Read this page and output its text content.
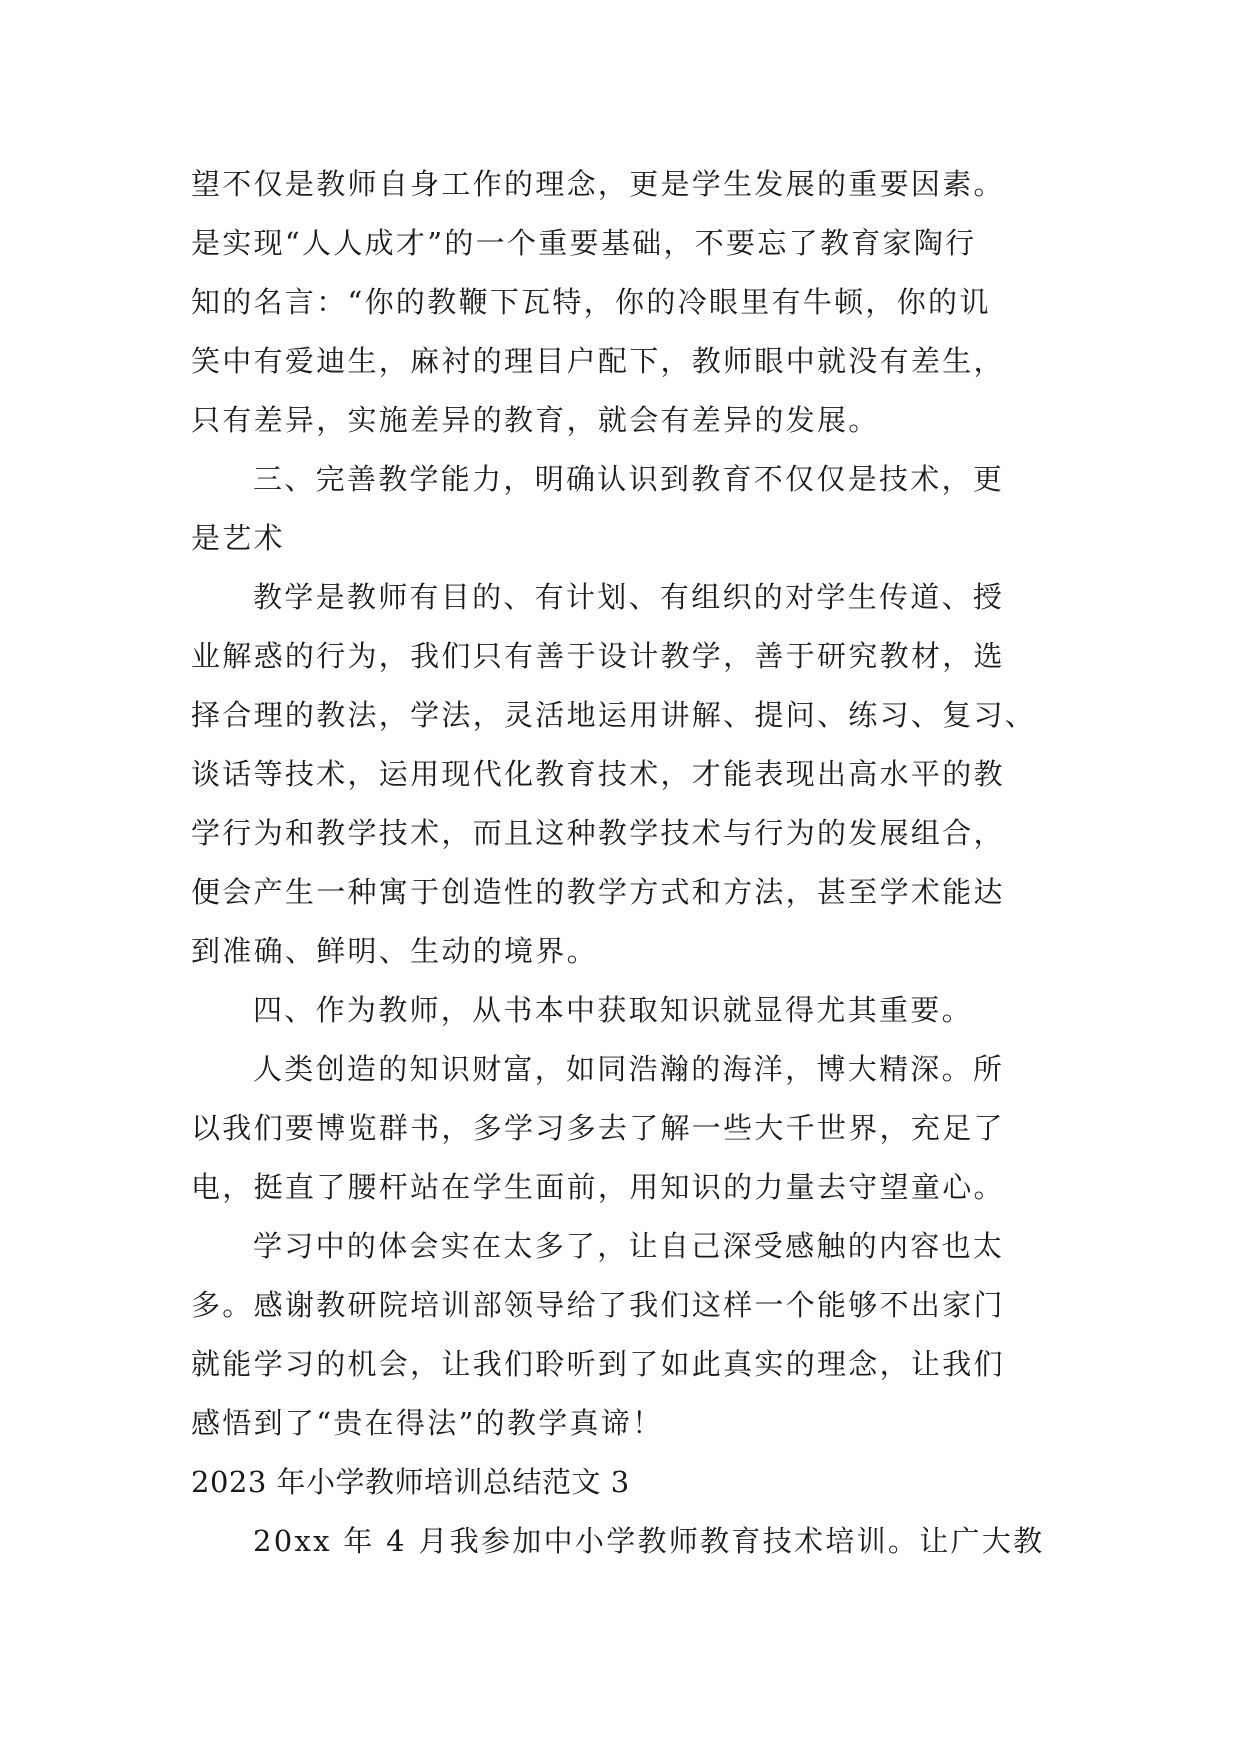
望不仅是教师自身工作的理念，更是学生发展的重要因素。
是实现“人人成才”的一个重要基础，不要忘了教育家陶行
知的名言：“你的教鞭下瓦特，你的冷眼里有牛顿，你的讥
笑中有爱迪生，麻衬的理目户配下，教师眼中就没有差生，
只有差异，实施差异的教育，就会有差异的发展。
三、完善教学能力，明确认识到教育不仅仅是技术，更
是艺术
教学是教师有目的、有计划、有组织的对学生传道、授
业解惑的行为，我们只有善于设计教学，善于研究教材，选
择合理的教法，学法，灵活地运用讲解、提问、练习、复习、
谈话等技术，运用现代化教育技术，才能表现出高水平的教
学行为和教学技术，而且这种教学技术与行为的发展组合，
便会产生一种寓于创造性的教学方式和方法，甚至学术能达
到准确、鲜明、生动的境界。
四、作为教师，从书本中获取知识就显得尤其重要。
人类创造的知识财富，如同浩瀚的海洋，博大精深。所
以我们要博览群书，多学习多去了解一些大千世界，充足了
电，挺直了腰杆站在学生面前，用知识的力量去守望童心。
学习中的体会实在太多了，让自己深受感触的内容也太
多。感谢教研院培训部领导给了我们这样一个能够不出家门
就能学习的机会，让我们聆听到了如此真实的理念，让我们
感悟到了“贵在得法”的教学真谛！
2023 年小学教师培训总结范文 3
20xx 年 4 月我参加中小学教师教育技术培训。让广大教
